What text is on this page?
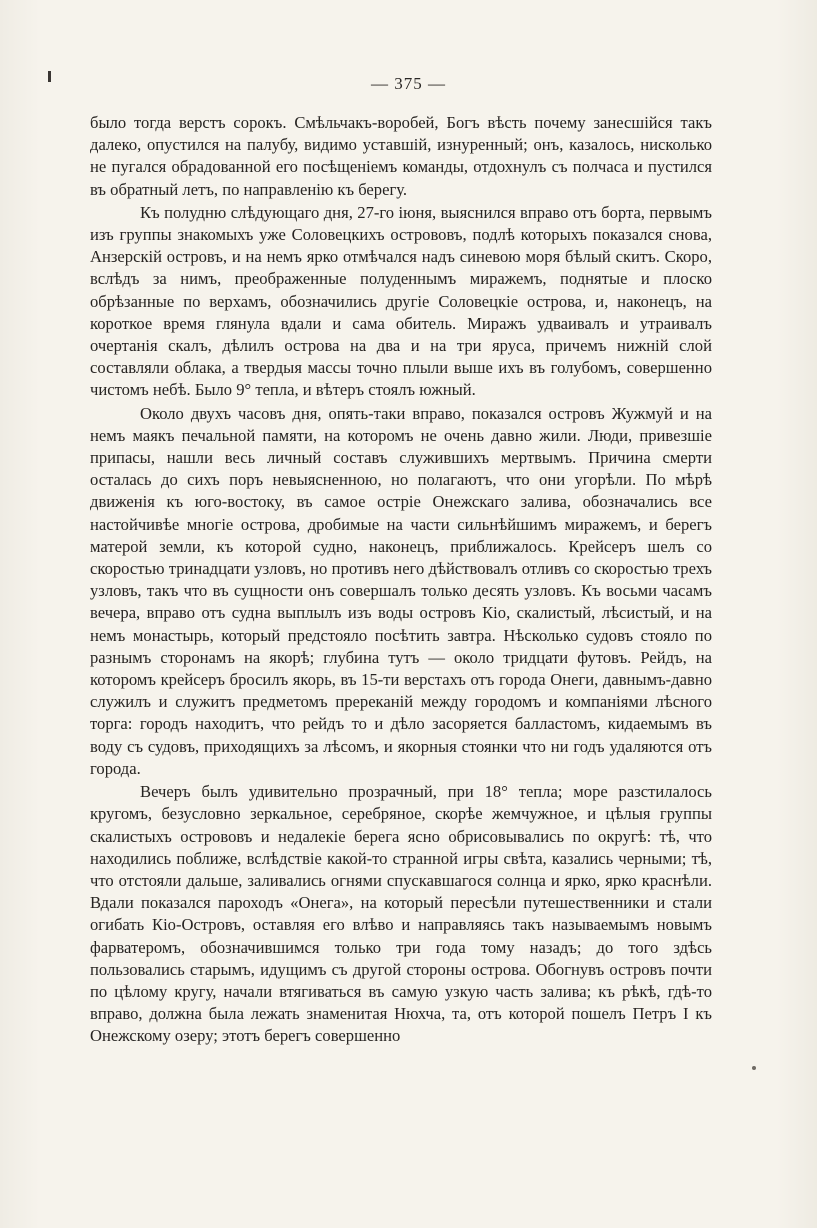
— 375 —

было тогда верстъ сорокъ. Смѣльчакъ-воробей, Богъ вѣсть почему занесшійся такъ далеко, опустился на палубу, видимо уставшій, изнуренный; онъ, казалось, нисколько не пугался обрадованной его посѣщеніемъ команды, отдохнулъ съ полчаса и пустился въ обратный летъ, по направленію къ берегу.

Къ полудню слѣдующаго дня, 27-го іюня, выяснился вправо отъ борта, первымъ изъ группы знакомыхъ уже Соловецкихъ острововъ, подлѣ которыхъ показался снова, Анзерскій островъ, и на немъ ярко отмѣчался надъ синевою моря бѣлый скитъ. Скоро, вслѣдъ за нимъ, преображенные полуденнымъ миражемъ, поднятые и плоско обрѣзанные по верхамъ, обозначились другіе Соловецкіе острова, и, наконецъ, на короткое время глянула вдали и сама обитель. Миражъ удваивалъ и утраивалъ очертанія скалъ, дѣлилъ острова на два и на три яруса, причемъ нижній слой составляли облака, а твердыя массы точно плыли выше ихъ въ голубомъ, совершенно чистомъ небѣ. Было 9° тепла, и вѣтеръ стоялъ южный.

Около двухъ часовъ дня, опять-таки вправо, показался островъ Жужмуй и на немъ маякъ печальной памяти, на которомъ не очень давно жили. Люди, привезшіе припасы, нашли весь личный составъ служившихъ мертвымъ. Причина смерти осталась до сихъ поръ невыясненною, но полагаютъ, что они угорѣли. По мѣрѣ движенія къ юго-востоку, въ самое остріе Онежскаго залива, обозначались все настойчивѣе многіе острова, дробимые на части сильнѣйшимъ миражемъ, и берегъ матерой земли, къ которой судно, наконецъ, приближалось. Крейсеръ шелъ со скоростью тринадцати узловъ, но противъ него дѣйствовалъ отливъ со скоростью трехъ узловъ, такъ что въ сущности онъ совершалъ только десять узловъ. Къ восьми часамъ вечера, вправо отъ судна выплылъ изъ воды островъ Кіо, скалистый, лѣсистый, и на немъ монастырь, который предстояло посѣтить завтра. Нѣсколько судовъ стояло по разнымъ сторонамъ на якорѣ; глубина тутъ — около тридцати футовъ. Рейдъ, на которомъ крейсеръ бросилъ якорь, въ 15-ти верстахъ отъ города Онеги, давнымъ-давно служилъ и служитъ предметомъ пререканій между городомъ и компаніями лѣсного торга: городъ находитъ, что рейдъ то и дѣло засоряется балластомъ, кидаемымъ въ воду съ судовъ, приходящихъ за лѣсомъ, и якорныя стоянки что ни годъ удаляются отъ города.

Вечеръ былъ удивительно прозрачный, при 18° тепла; море разстилалось кругомъ, безусловно зеркальное, серебряное, скорѣе жемчужное, и цѣлыя группы скалистыхъ острововъ и недалекіе берега ясно обрисовывались по округѣ: тѣ, что находились поближе, вслѣдствіе какой-то странной игры свѣта, казались черными; тѣ, что отстояли дальше, заливались огнями спускавшагося солнца и ярко, ярко краснѣли. Вдали показался пароходъ «Онега», на который пересѣли путешественники и стали огибать Кіо-Островъ, оставляя его влѣво и направляясь такъ называемымъ новымъ фарватеромъ, обозначившимся только три года тому назадъ; до того здѣсь пользовались старымъ, идущимъ съ другой стороны острова. Обогнувъ островъ почти по цѣлому кругу, начали втягиваться въ самую узкую часть залива; къ рѣкѣ, гдѣ-то вправо, должна была лежать знаменитая Нюхча, та, отъ которой пошелъ Петръ I къ Онежскому озеру; этотъ берегъ совершенно
